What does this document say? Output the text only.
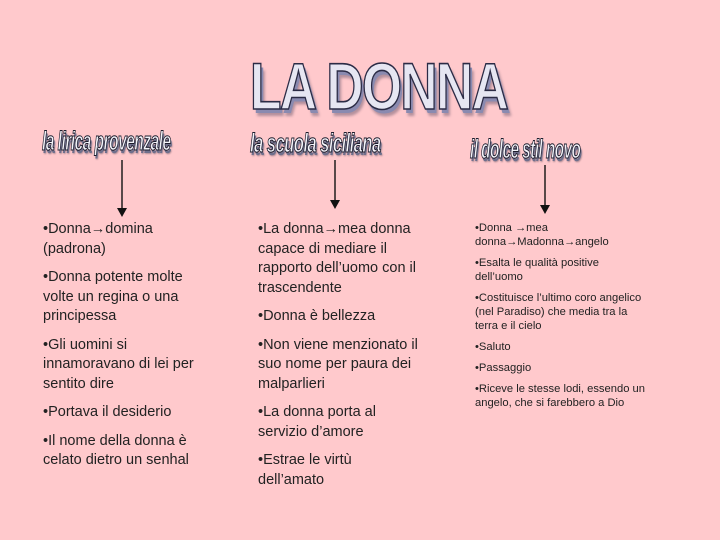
LA DONNA
la lirica provenzale	la scuola siciliana	il dolce stil novo
• Donna→domina (padrona)
• Donna potente molte volte un regina o una principessa
• Gli uomini si innamoravano di lei per sentito dire
• Portava il desiderio
• Il nome della donna è celato dietro un senhal
• La donna→mea donna capace di mediare il rapporto dell’uomo con il trascendente
• Donna è bellezza
• Non viene menzionato il suo nome per paura dei malparlieri
• La donna porta al servizio d’amore
• Estrae le virtù dell’amato
• Donna →mea donna→Madonna→angelo
• Esalta le qualità positive dell’uomo
• Costituisce l’ultimo coro angelico (nel Paradiso) che media tra la terra e il cielo
• Saluto
• Passaggio
• Riceve le stesse lodi, essendo un angelo, che si farebbero a Dio
